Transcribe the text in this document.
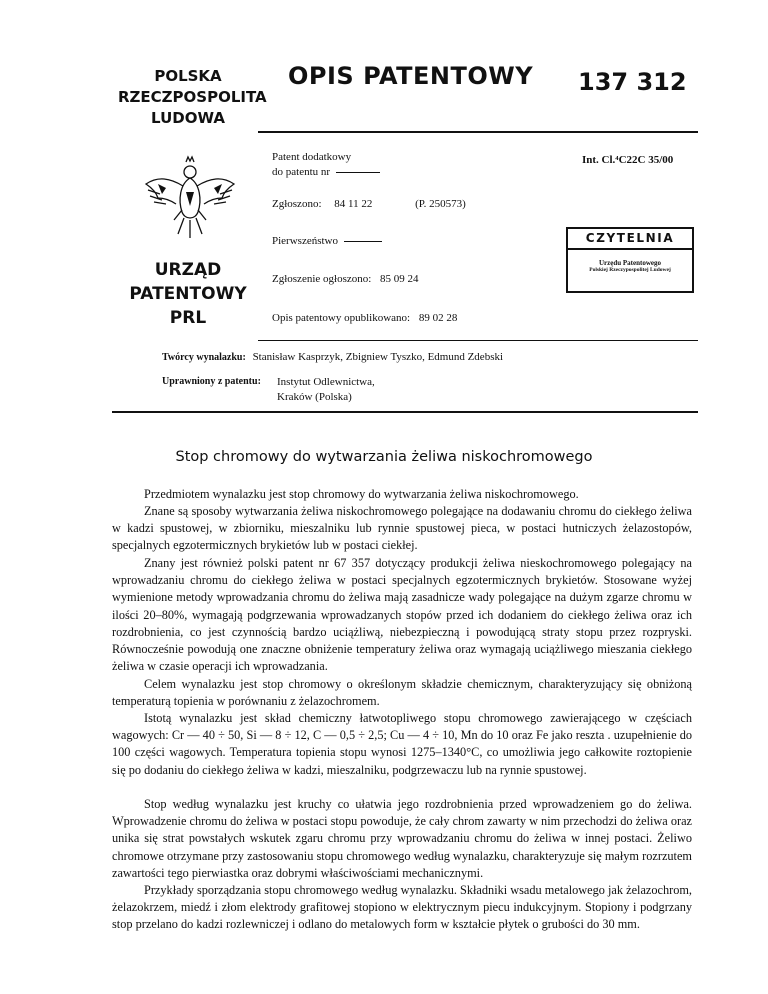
POLSKA
RZECZPOSPOLITA
LUDOWA
OPIS PATENTOWY 137 312
URZĄD
PATENTOWY
PRL
Patent dodatkowy
do patentu nr
Int. Cl.⁴C22C 35/00
Zgłoszono: 84 11 22	(P. 250573)
Pierwszeństwo
Zgłoszenie ogłoszono: 85 09 24
Opis patentowy opublikowano: 89 02 28
CZYTELNIA
Urzędu Patentowego
Polskiej Rzeczypospolitej Ludowej
Twórcy wynalazku: Stanisław Kasprzyk, Zbigniew Tyszko, Edmund Zdebski
Uprawniony z patentu: Instytut Odlewnictwa,
Kraków (Polska)
Stop chromowy do wytwarzania żeliwa niskochromowego
Przedmiotem wynalazku jest stop chromowy do wytwarzania żeliwa niskochromowego.
Znane są sposoby wytwarzania żeliwa niskochromowego polegające na dodawaniu chromu do ciekłego żeliwa w kadzi spustowej, w zbiorniku, mieszalniku lub rynnie spustowej pieca, w postaci hutniczych żelazostopów, specjalnych egzotermicznych brykietów lub w postaci ciekłej.
Znany jest również polski patent nr 67 357 dotyczący produkcji żeliwa nieskochromowego polegający na wprowadzaniu chromu do ciekłego żeliwa w postaci specjalnych egzotermicznych brykietów. Stosowane wyżej wymienione metody wprowadzania chromu do żeliwa mają zasadnicze wady polegające na dużym zgarze chromu w ilości 20–80%, wymagają podgrzewania wprowadzanych stopów przed ich dodaniem do ciekłego żeliwa oraz ich rozdrobnienia, co jest czynnością bardzo uciążliwą, niebezpieczną i powodującą straty stopu przez rozpryski. Równocześnie powodują one znaczne obniżenie temperatury żeliwa oraz wymagają uciążliwego mieszania ciekłego żeliwa w czasie operacji ich wprowadzania.
Celem wynalazku jest stop chromowy o określonym składzie chemicznym, charakteryzujący się obniżoną temperaturą topienia w porównaniu z żelazochromem.
Istotą wynalazku jest skład chemiczny łatwotopliwego stopu chromowego zawierającego w częściach wagowych: Cr — 40 ÷ 50, Si — 8 ÷ 12, C — 0,5 ÷ 2,5; Cu — 4 ÷ 10, Mn do 10 oraz Fe jako reszta . uzupełnienie do 100 części wagowych. Temperatura topienia stopu wynosi 1275–1340°C, co umożliwia jego całkowite roztopienie się po dodaniu do ciekłego żeliwa w kadzi, mieszalniku, podgrzewaczu lub na rynnie spustowej.
Stop według wynalazku jest kruchy co ułatwia jego rozdrobnienia przed wprowadzeniem go do żeliwa. Wprowadzenie chromu do żeliwa w postaci stopu powoduje, że cały chrom zawarty w nim przechodzi do żeliwa oraz unika się strat powstałych wskutek zgaru chromu przy wprowadzaniu chromu do żeliwa w innej postaci. Żeliwo chromowe otrzymane przy zastosowaniu stopu chromowego według wynalazku, charakteryzuje się małym rozrzutem zawartości tego pierwiastka oraz dobrymi właściwościami mechanicznymi.
Przykłady sporządzania stopu chromowego według wynalazku. Składniki wsadu metalowego jak żelazochrom, żelazokrzem, miedź i złom elektrody grafitowej stopiono w elektrycznym piecu indukcyjnym. Stopiony i podgrzany stop przelano do kadzi rozlewniczej i odlano do metalowych form w kształcie płytek o grubości do 30 mm.
